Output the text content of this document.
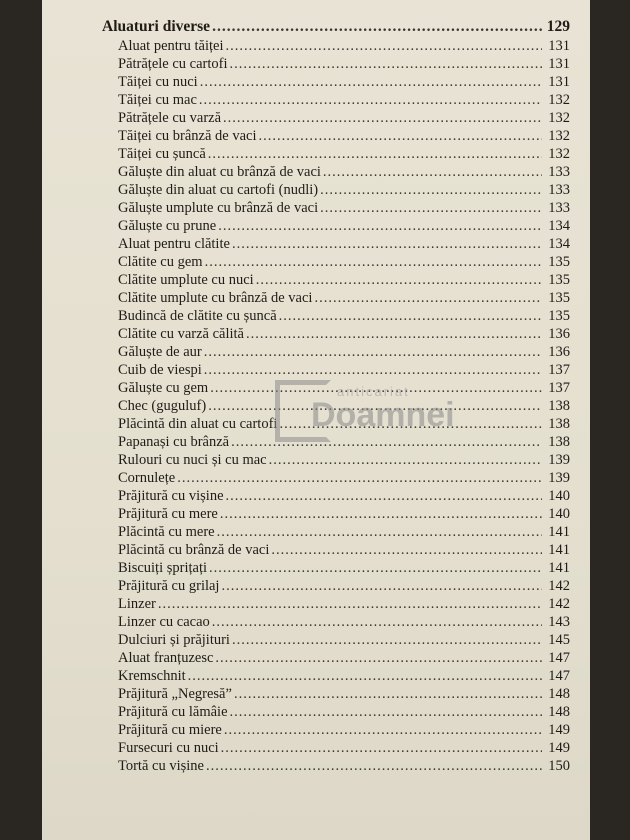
Aluaturi diverse .....	129
Aluat pentru tăiței .....	131
Pătrățele cu cartofi .....	131
Tăiței cu nuci .....	131
Tăiței cu mac .....	132
Pătrățele cu varză .....	132
Tăiței cu brânză de vaci .....	132
Tăiței cu șuncă .....	132
Găluște din aluat cu brânză de vaci .....	133
Găluște din aluat cu cartofi (nudli) .....	133
Găluște umplute cu brânză de vaci .....	133
Găluște cu prune .....	134
Aluat pentru clătite .....	134
Clătite cu gem .....	135
Clătite umplute cu nuci .....	135
Clătite umplute cu brânză de vaci .....	135
Budincă de clătite cu șuncă .....	135
Clătite cu varză călită .....	136
Găluște de aur .....	136
Cuib de viespi .....	137
Găluște cu gem .....	137
Chec (guguluf) .....	138
Plăcintă din aluat cu cartofi .....	138
Papanași cu brânză .....	138
Rulouri cu nuci și cu mac .....	139
Cornulețe .....	139
Prăjitură cu vișine .....	140
Prăjitură cu mere .....	140
Plăcintă cu mere .....	141
Plăcintă cu brânză de vaci .....	141
Biscuiți șprițați .....	141
Prăjitură cu grilaj .....	142
Linzer .....	142
Linzer cu cacao .....	143
Dulciuri și prăjituri .....	145
Aluat franțuzesc .....	147
Kremschnit .....	147
Prăjitură „Negresă” .....	148
Prăjitură cu lămâie .....	148
Prăjitură cu miere .....	149
Fursecuri cu nuci .....	149
Tortă cu vișine .....	150
anticariat
Doamnei
